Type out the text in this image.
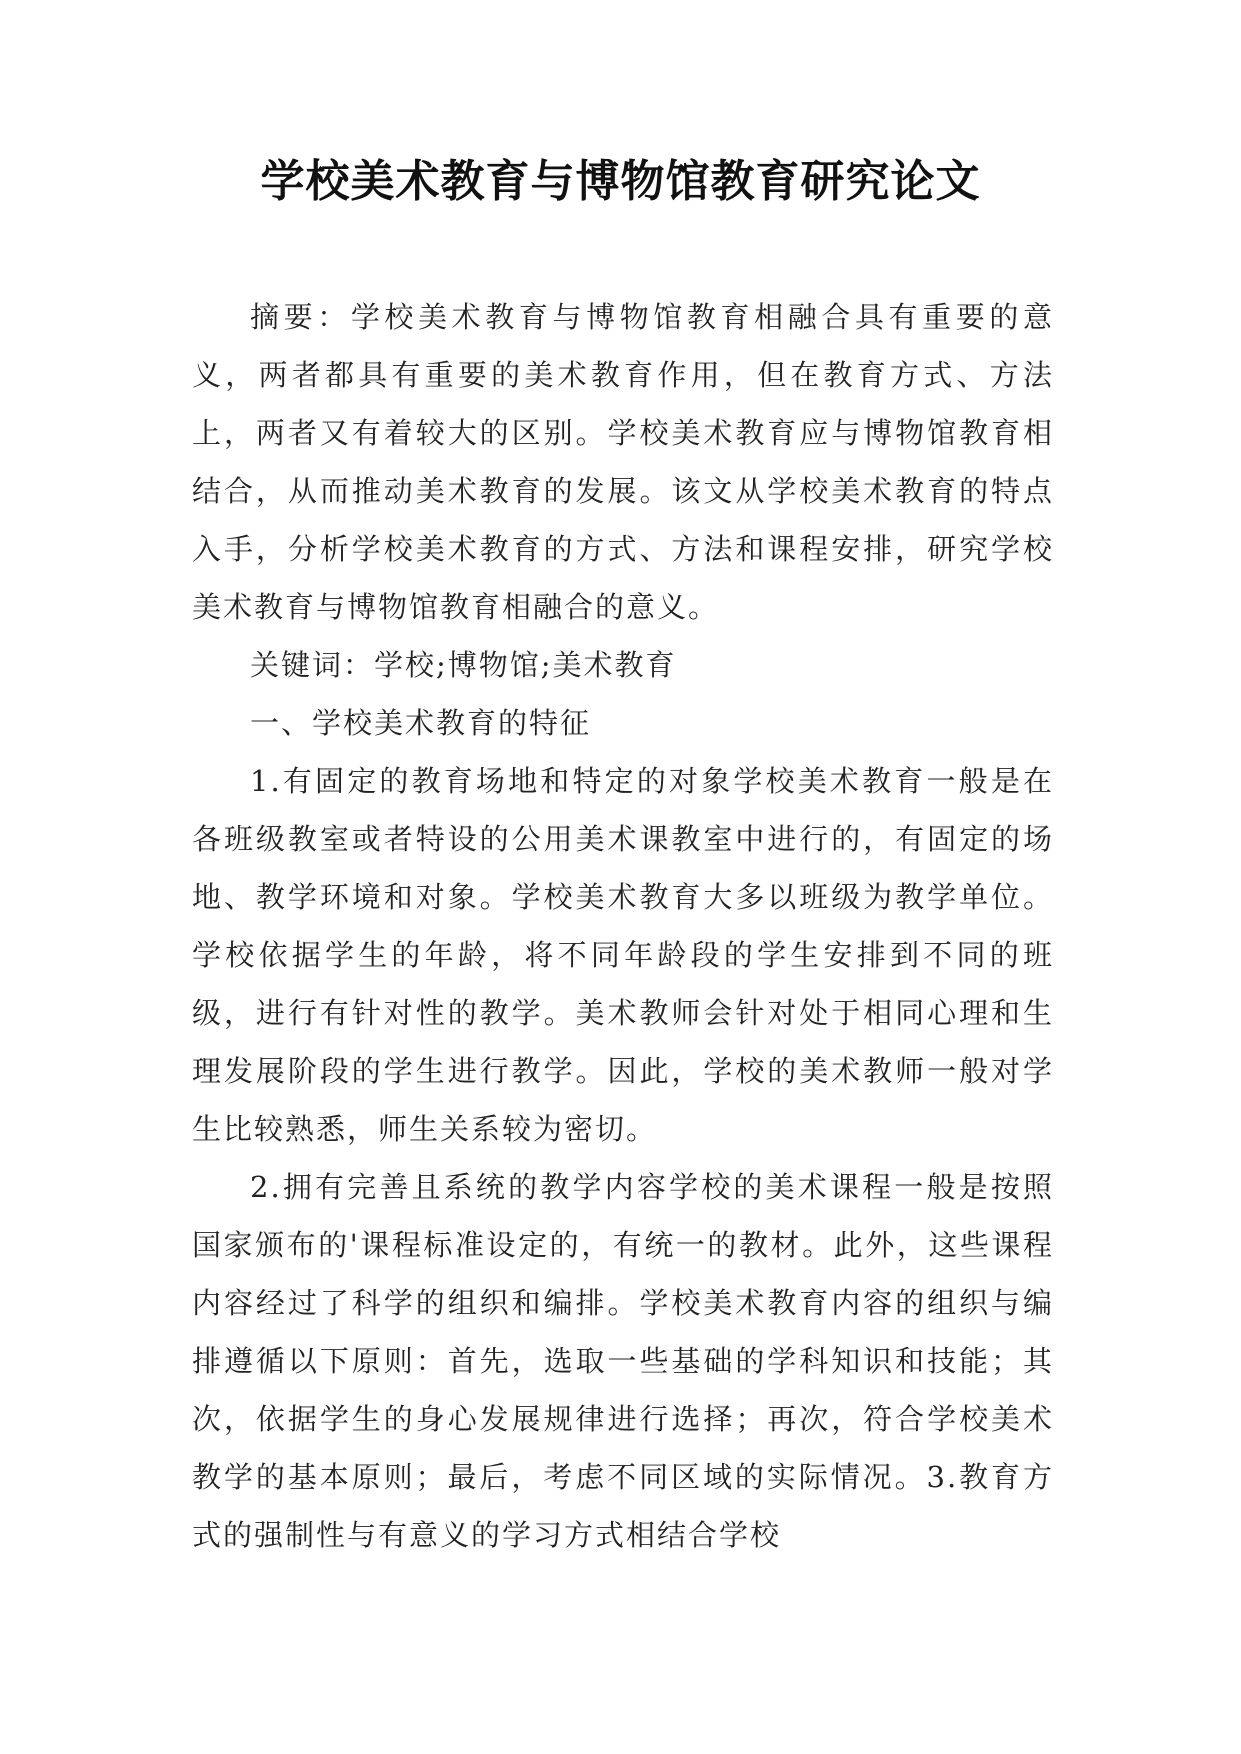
学校美术教育与博物馆教育研究论文

摘要：学校美术教育与博物馆教育相融合具有重要的意义，两者都具有重要的美术教育作用，但在教育方式、方法上，两者又有着较大的区别。学校美术教育应与博物馆教育相结合，从而推动美术教育的发展。该文从学校美术教育的特点入手，分析学校美术教育的方式、方法和课程安排，研究学校美术教育与博物馆教育相融合的意义。

关键词：学校;博物馆;美术教育

一、学校美术教育的特征

1.有固定的教育场地和特定的对象学校美术教育一般是在各班级教室或者特设的公用美术课教室中进行的，有固定的场地、教学环境和对象。学校美术教育大多以班级为教学单位。学校依据学生的年龄，将不同年龄段的学生安排到不同的班级，进行有针对性的教学。美术教师会针对处于相同心理和生理发展阶段的学生进行教学。因此，学校的美术教师一般对学生比较熟悉，师生关系较为密切。

2.拥有完善且系统的教学内容学校的美术课程一般是按照国家颁布的'课程标准设定的，有统一的教材。此外，这些课程内容经过了科学的组织和编排。学校美术教育内容的组织与编排遵循以下原则：首先，选取一些基础的学科知识和技能；其次，依据学生的身心发展规律进行选择；再次，符合学校美术教学的基本原则；最后，考虑不同区域的实际情况。3.教育方式的强制性与有意义的学习方式相结合学校
